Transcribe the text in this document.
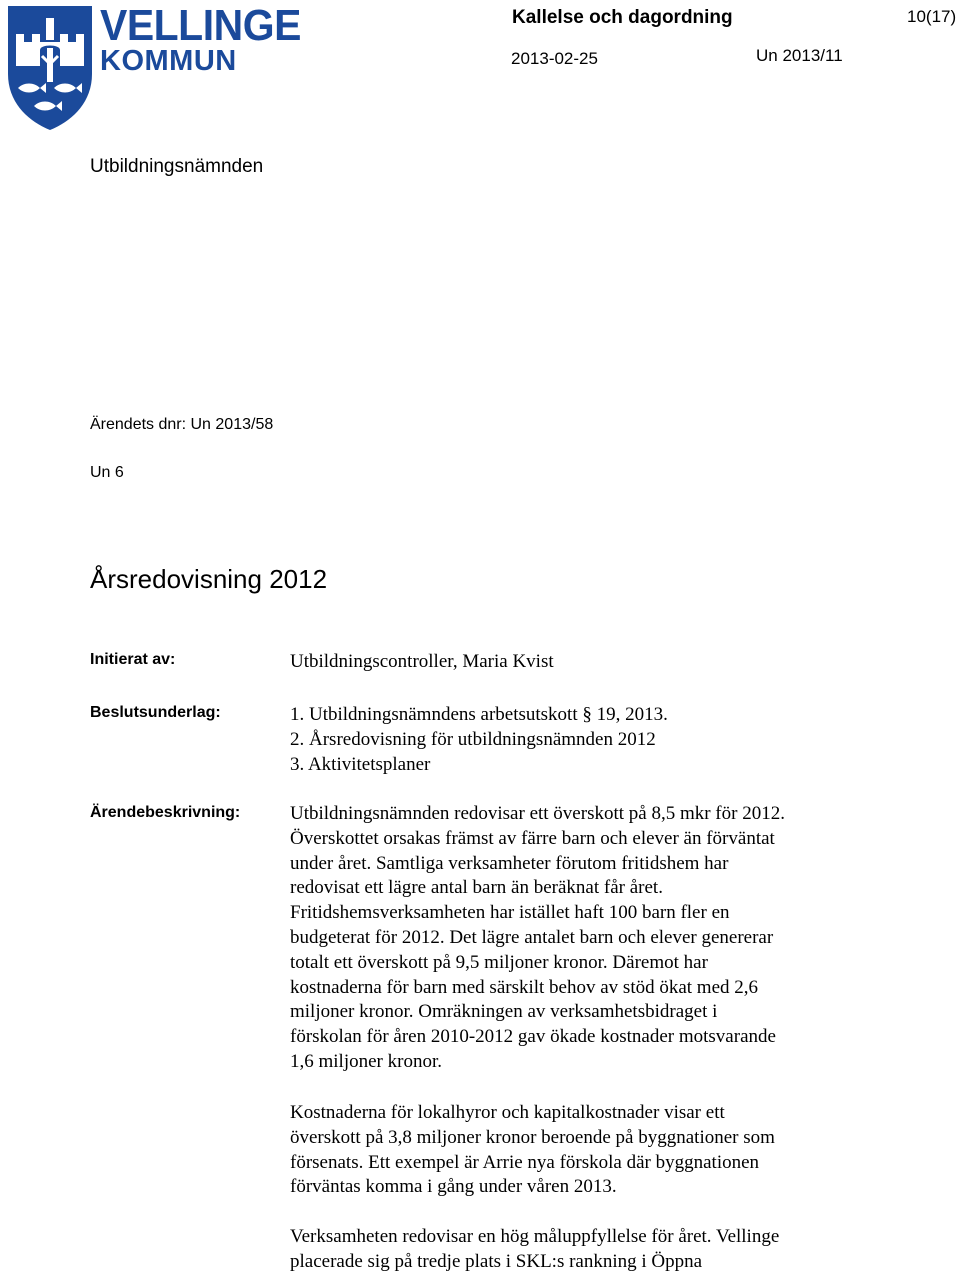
VELLINGE
KOMMUN
Kallelse och dagordning	10(17)
2013-02-25	Un 2013/11
Utbildningsnämnden
Ärendets dnr: Un 2013/58
Un 6
Årsredovisning 2012
Initierat av:	Utbildningscontroller, Maria Kvist
Beslutsunderlag:	1. Utbildningsnämndens arbetsutskott § 19, 2013.
2. Årsredovisning för utbildningsnämnden 2012
3. Aktivitetsplaner
Ärendebeskrivning:	Utbildningsnämnden redovisar ett överskott på 8,5 mkr för 2012.
Överskottet orsakas främst av färre barn och elever än förväntat
under året. Samtliga verksamheter förutom fritidshem har
redovisat ett lägre antal barn än beräknat får året.
Fritidshemsverksamheten har istället haft 100 barn fler en
budgeterat för 2012. Det lägre antalet barn och elever genererar
totalt ett överskott på 9,5 miljoner kronor. Däremot har
kostnaderna för barn med särskilt behov av stöd ökat med 2,6
miljoner kronor. Omräkningen av verksamhetsbidraget i
förskolan för åren 2010-2012 gav ökade kostnader motsvarande
1,6 miljoner kronor.
Kostnaderna för lokalhyror och kapitalkostnader visar ett
överskott på 3,8 miljoner kronor beroende på byggnationer som
försenats. Ett exempel är Arrie nya förskola där byggnationen
förväntas komma i gång under våren 2013.
Verksamheten redovisar en hög måluppfyllelse för året. Vellinge
placerade sig på tredje plats i SKL:s rankning i Öppna
